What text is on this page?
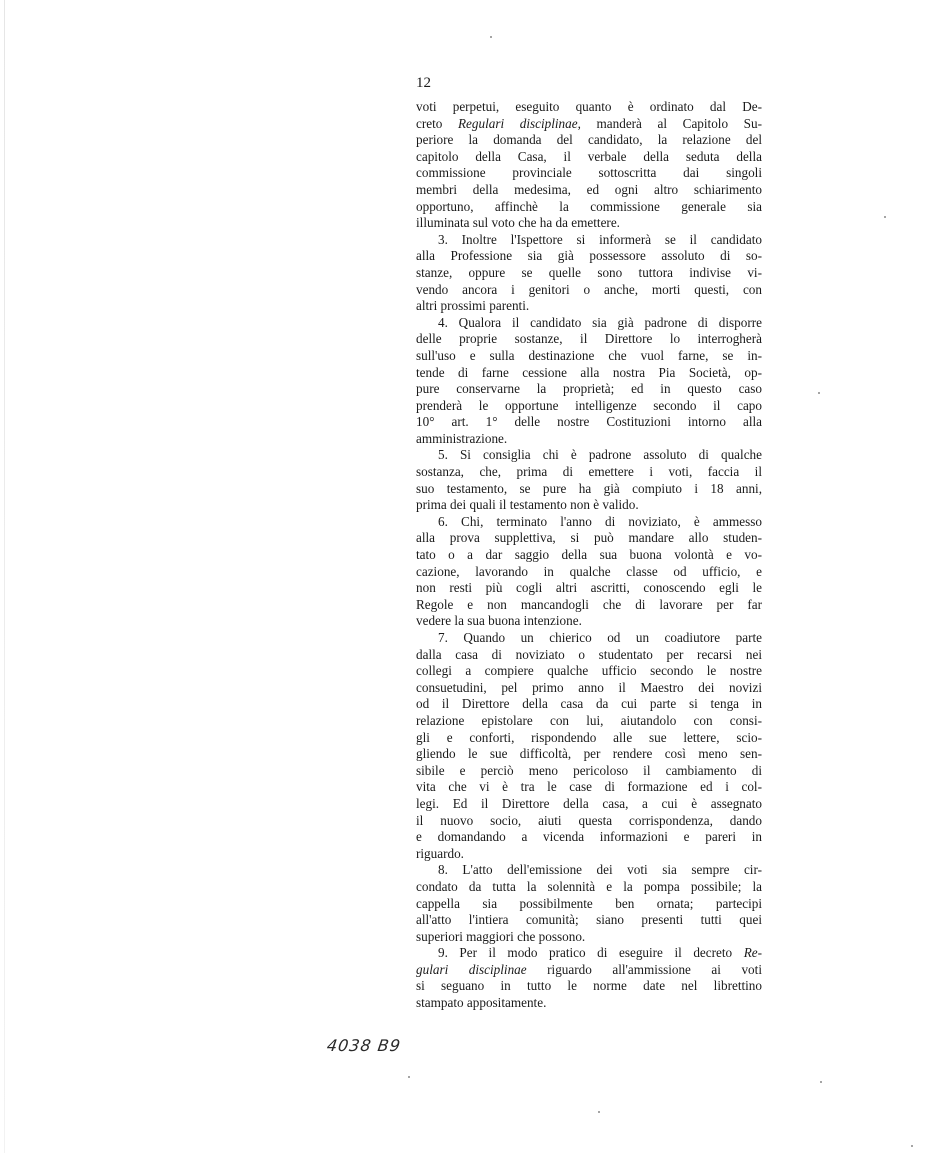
12

voti perpetui, eseguito quanto è ordinato dal De-
creto Regulari disciplinae, manderà al Capitolo Su-
periore la domanda del candidato, la relazione del
capitolo della Casa, il verbale della seduta della
commissione provinciale sottoscritta dai singoli
membri della medesima, ed ogni altro schiarimento
opportuno, affinchè la commissione generale sia
illuminata sul voto che ha da emettere.

3. Inoltre l'Ispettore si informerà se il candidato
alla Professione sia già possessore assoluto di so-
stanze, oppure se quelle sono tuttora indivise vi-
vendo ancora i genitori o anche, morti questi, con
altri prossimi parenti.

4. Qualora il candidato sia già padrone di disporre
delle proprie sostanze, il Direttore lo interrogherà
sull'uso e sulla destinazione che vuol farne, se in-
tende di farne cessione alla nostra Pia Società, op-
pure conservarne la proprietà; ed in questo caso
prenderà le opportune intelligenze secondo il capo
10° art. 1° delle nostre Costituzioni intorno alla
amministrazione.

5. Si consiglia chi è padrone assoluto di qualche
sostanza, che, prima di emettere i voti, faccia il
suo testamento, se pure ha già compiuto i 18 anni,
prima dei quali il testamento non è valido.

6. Chi, terminato l'anno di noviziato, è ammesso
alla prova supplettiva, si può mandare allo studen-
tato o a dar saggio della sua buona volontà e vo-
cazione, lavorando in qualche classe od ufficio, e
non resti più cogli altri ascritti, conoscendo egli le
Regole e non mancandogli che di lavorare per far
vedere la sua buona intenzione.

7. Quando un chierico od un coadiutore parte
dalla casa di noviziato o studentato per recarsi nei
collegi a compiere qualche ufficio secondo le nostre
consuetudini, pel primo anno il Maestro dei novizi
od il Direttore della casa da cui parte si tenga in
relazione epistolare con lui, aiutandolo con consi-
gli e conforti, rispondendo alle sue lettere, scio-
gliendo le sue difficoltà, per rendere così meno sen-
sibile e perciò meno pericoloso il cambiamento di
vita che vi è tra le case di formazione ed i col-
legi. Ed il Direttore della casa, a cui è assegnato
il nuovo socio, aiuti questa corrispondenza, dando
e domandando a vicenda informazioni e pareri in
riguardo.

8. L'atto dell'emissione dei voti sia sempre cir-
condato da tutta la solennità e la pompa possibile; la
cappella sia possibilmente ben ornata; partecipi
all'atto l'intiera comunità; siano presenti tutti quei
superiori maggiori che possono.

9. Per il modo pratico di eseguire il decreto Re-
gulari disciplinae riguardo all'ammissione ai voti
si seguano in tutto le norme date nel librettino
stampato appositamente.

4038 B9
